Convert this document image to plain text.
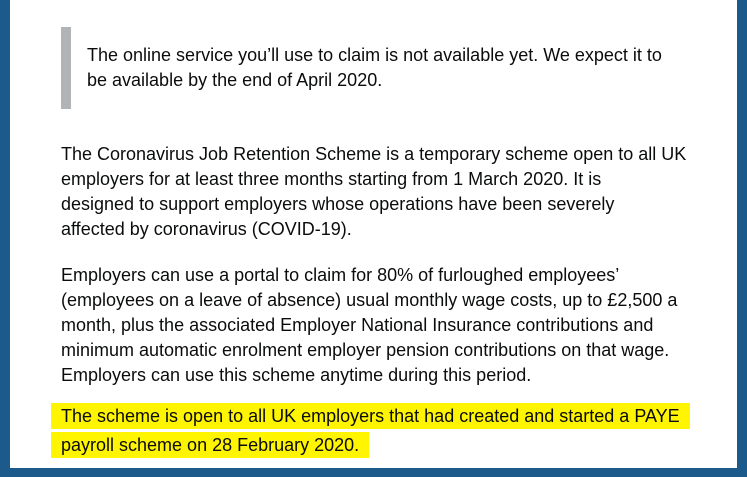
The online service you’ll use to claim is not available yet. We expect it to
be available by the end of April 2020.
The Coronavirus Job Retention Scheme is a temporary scheme open to all UK
employers for at least three months starting from 1 March 2020. It is
designed to support employers whose operations have been severely
affected by coronavirus (COVID-19).
Employers can use a portal to claim for 80% of furloughed employees’
(employees on a leave of absence) usual monthly wage costs, up to £2,500 a
month, plus the associated Employer National Insurance contributions and
minimum automatic enrolment employer pension contributions on that wage.
Employers can use this scheme anytime during this period.
The scheme is open to all UK employers that had created and started a PAYE
payroll scheme on 28 February 2020.
